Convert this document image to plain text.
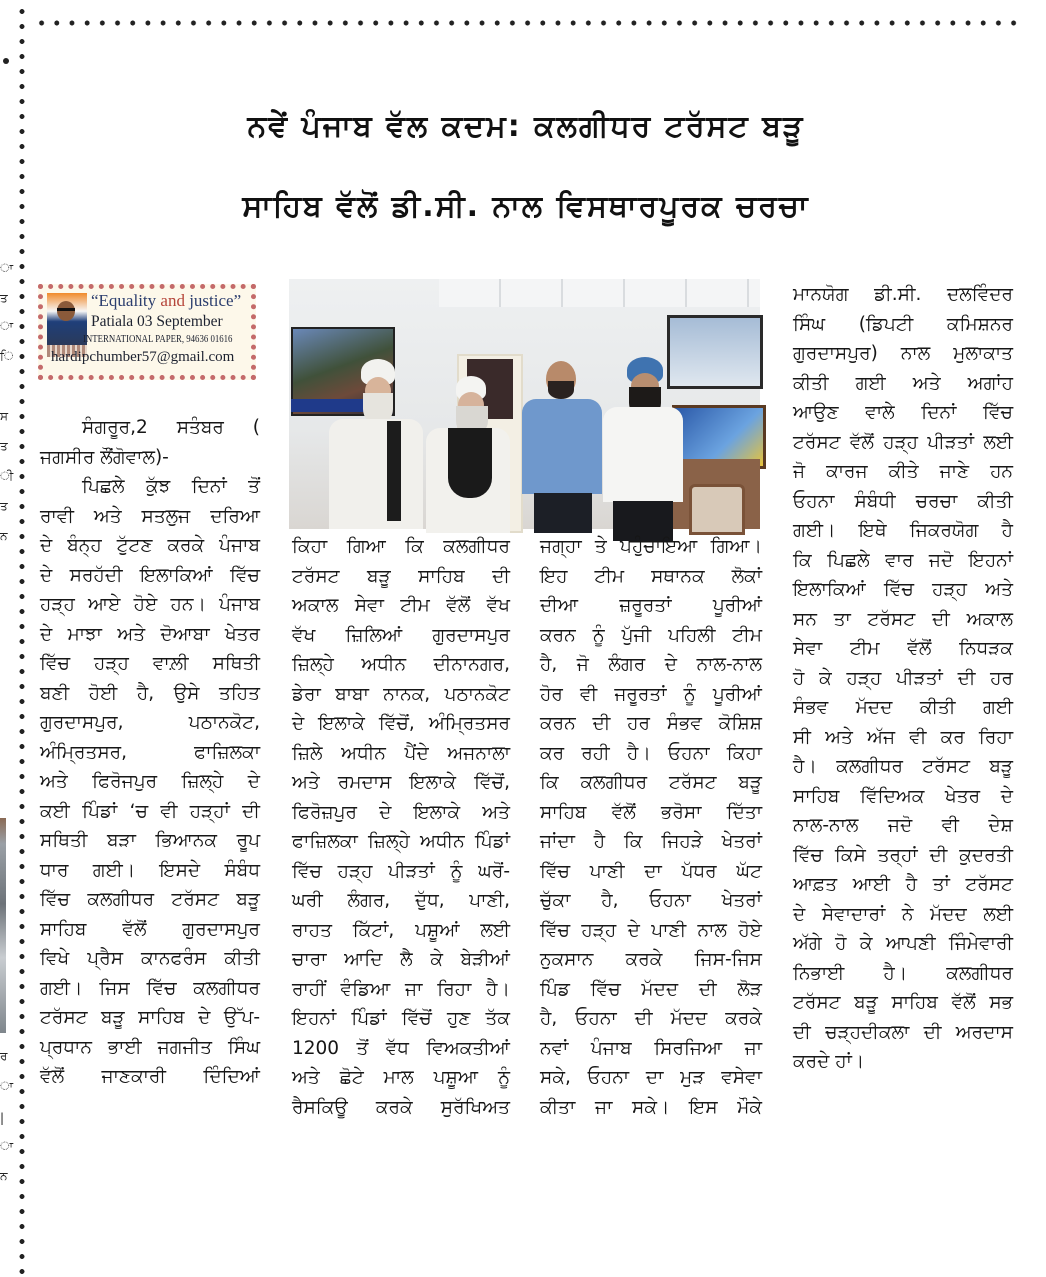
ਾ
ਤ
ਾ
ਿ
ਸ
ਤ
ੀ
ਤ
ਨ
ਰ
ਾ
|
ਾ
ਨ
ਨਵੇਂ ਪੰਜਾਬ ਵੱਲ ਕਦਮ: ਕਲਗੀਧਰ ਟਰੱਸਟ ਬੜੂ
ਸਾਹਿਬ ਵੱਲੋਂ ਡੀ.ਸੀ. ਨਾਲ ਵਿਸਥਾਰਪੂਰਕ ਚਰਚਾ
“Equality and justice”
Patiala 03 September
INTERNATIONAL PAPER, 94636 01616
hardipchumber57@gmail.com
ਸੰਗਰੂਰ,2 ਸਤੰਬਰ (
ਜਗਸੀਰ ਲੌਂਗੋਵਾਲ)-
ਪਿਛਲੇ ਕੁੱਝ ਦਿਨਾਂ ਤੋਂ
ਰਾਵੀ ਅਤੇ ਸਤਲੁਜ ਦਰਿਆ
ਦੇ ਬੰਨ੍ਹ ਟੁੱਟਣ ਕਰਕੇ ਪੰਜਾਬ
ਦੇ ਸਰਹੱਦੀ ਇਲਾਕਿਆਂ ਵਿੱਚ
ਹੜ੍ਹ ਆਏ ਹੋਏ ਹਨ। ਪੰਜਾਬ
ਦੇ ਮਾਝਾ ਅਤੇ ਦੋਆਬਾ ਖੇਤਰ
ਵਿੱਚ ਹੜ੍ਹ ਵਾਲ਼ੀ ਸਥਿਤੀ
ਬਣੀ ਹੋਈ ਹੈ, ਉਸੇ ਤਹਿਤ
ਗੁਰਦਾਸਪੁਰ, ਪਠਾਨਕੋਟ,
ਅੰਮ੍ਰਿਤਸਰ, ਫਾਜ਼ਿਲਕਾ
ਅਤੇ ਫਿਰੋਜਪੁਰ ਜ਼ਿਲ੍ਹੇ ਦੇ
ਕਈ ਪਿੰਡਾਂ ‘ਚ ਵੀ ਹੜ੍ਹਾਂ ਦੀ
ਸਥਿਤੀ ਬੜਾ ਭਿਆਨਕ ਰੂਪ
ਧਾਰ ਗਈ। ਇਸਦੇ ਸੰਬੰਧ
ਵਿੱਚ ਕਲਗੀਧਰ ਟਰੱਸਟ ਬੜੂ
ਸਾਹਿਬ ਵੱਲੋਂ ਗੁਰਦਾਸਪੁਰ
ਵਿਖੇ ਪ੍ਰੈਸ ਕਾਨਫਰੰਸ ਕੀਤੀ
ਗਈ। ਜਿਸ ਵਿੱਚ ਕਲਗੀਧਰ
ਟਰੱਸਟ ਬੜੂ ਸਾਹਿਬ ਦੇ ਉੱਪ-
ਪ੍ਰਧਾਨ ਭਾਈ ਜਗਜੀਤ ਸਿੰਘ
ਵੱਲੋਂ ਜਾਣਕਾਰੀ ਦਿੰਦਿਆਂ
ਕਿਹਾ ਗਿਆ ਕਿ ਕਲਗੀਧਰ
ਟਰੱਸਟ ਬੜੂ ਸਾਹਿਬ ਦੀ
ਅਕਾਲ ਸੇਵਾ ਟੀਮ ਵੱਲੋਂ ਵੱਖ
ਵੱਖ ਜ਼ਿਲਿਆਂ ਗੁਰਦਾਸਪੁਰ
ਜ਼ਿਲ੍ਹੇ ਅਧੀਨ ਦੀਨਾਨਗਰ,
ਡੇਰਾ ਬਾਬਾ ਨਾਨਕ, ਪਠਾਨਕੋਟ
ਦੇ ਇਲਾਕੇ ਵਿੱਚੋਂ, ਅੰਮ੍ਰਿਤਸਰ
ਜ਼ਿਲੇ ਅਧੀਨ ਪੈਂਦੇ ਅਜਨਾਲਾ
ਅਤੇ ਰਮਦਾਸ ਇਲਾਕੇ ਵਿੱਚੋਂ,
ਫਿਰੋਜ਼ਪੁਰ ਦੇ ਇਲਾਕੇ ਅਤੇ
ਫਾਜ਼ਿਲਕਾ ਜ਼ਿਲ੍ਹੇ ਅਧੀਨ ਪਿੰਡਾਂ
ਵਿੱਚ ਹੜ੍ਹ ਪੀੜਤਾਂ ਨੂੰ ਘਰੋਂ-
ਘਰੀ ਲੰਗਰ, ਦੁੱਧ, ਪਾਣੀ,
ਰਾਹਤ ਕਿੱਟਾਂ, ਪਸ਼ੂਆਂ ਲਈ
ਚਾਰਾ ਆਦਿ ਲੈ ਕੇ ਬੇੜੀਆਂ
ਰਾਹੀਂ ਵੰਡਿਆ ਜਾ ਰਿਹਾ ਹੈ।
ਇਹਨਾਂ ਪਿੰਡਾਂ ਵਿੱਚੋਂ ਹੁਣ ਤੱਕ
1200 ਤੋਂ ਵੱਧ ਵਿਅਕਤੀਆਂ
ਅਤੇ ਛੋਟੇ ਮਾਲ ਪਸ਼ੂਆ ਨੂੰ
ਰੈਸਕਿਊ ਕਰਕੇ ਸੁਰੱਖਿਅਤ
ਜਗ੍ਹਾ ਤੇ ਪਹੁੰਚਾਇਆ ਗਿਆ।
ਇਹ ਟੀਮ ਸਥਾਨਕ ਲੋਕਾਂ
ਦੀਆ ਜ਼ਰੂਰਤਾਂ ਪੂਰੀਆਂ
ਕਰਨ ਨੂੰ ਪੁੱਜੀ ਪਹਿਲੀ ਟੀਮ
ਹੈ, ਜੋ ਲੰਗਰ ਦੇ ਨਾਲ-ਨਾਲ
ਹੋਰ ਵੀ ਜਰੂਰਤਾਂ ਨੂੰ ਪੂਰੀਆਂ
ਕਰਨ ਦੀ ਹਰ ਸੰਭਵ ਕੋਸ਼ਿਸ਼
ਕਰ ਰਹੀ ਹੈ। ਓਹਨਾ ਕਿਹਾ
ਕਿ ਕਲਗੀਧਰ ਟਰੱਸਟ ਬੜੂ
ਸਾਹਿਬ ਵੱਲੋਂ ਭਰੋਸਾ ਦਿੱਤਾ
ਜਾਂਦਾ ਹੈ ਕਿ ਜਿਹੜੇ ਖੇਤਰਾਂ
ਵਿੱਚ ਪਾਣੀ ਦਾ ਪੱਧਰ ਘੱਟ
ਚੁੱਕਾ ਹੈ, ਓਹਨਾ ਖੇਤਰਾਂ
ਵਿੱਚ ਹੜ੍ਹ ਦੇ ਪਾਣੀ ਨਾਲ ਹੋਏ
ਨੁਕਸਾਨ ਕਰਕੇ ਜਿਸ-ਜਿਸ
ਪਿੰਡ ਵਿੱਚ ਮੱਦਦ ਦੀ ਲੋੜ
ਹੈ, ਓਹਨਾ ਦੀ ਮੱਦਦ ਕਰਕੇ
ਨਵਾਂ ਪੰਜਾਬ ਸਿਰਜਿਆ ਜਾ
ਸਕੇ, ਓਹਨਾ ਦਾ ਮੁੜ ਵਸੇਵਾ
ਕੀਤਾ ਜਾ ਸਕੇ। ਇਸ ਮੌਕੇ
ਮਾਨਯੋਗ ਡੀ.ਸੀ. ਦਲਵਿੰਦਰ
ਸਿੰਘ (ਡਿਪਟੀ ਕਮਿਸ਼ਨਰ
ਗੁਰਦਾਸਪੁਰ) ਨਾਲ ਮੁਲਾਕਾਤ
ਕੀਤੀ ਗਈ ਅਤੇ ਅਗਾਂਹ
ਆਉਣ ਵਾਲੇ ਦਿਨਾਂ ਵਿੱਚ
ਟਰੱਸਟ ਵੱਲੋਂ ਹੜ੍ਹ ਪੀੜਤਾਂ ਲਈ
ਜੋ ਕਾਰਜ ਕੀਤੇ ਜਾਣੇ ਹਨ
ਓਹਨਾ ਸੰਬੰਧੀ ਚਰਚਾ ਕੀਤੀ
ਗਈ। ਇਥੇ ਜਿਕਰਯੋਗ ਹੈ
ਕਿ ਪਿਛਲੇ ਵਾਰ ਜਦੋ ਇਹਨਾਂ
ਇਲਾਕਿਆਂ ਵਿੱਚ ਹੜ੍ਹ ਅਤੇ
ਸਨ ਤਾ ਟਰੱਸਟ ਦੀ ਅਕਾਲ
ਸੇਵਾ ਟੀਮ ਵੱਲੋਂ ਨਿਧੜਕ
ਹੋ ਕੇ ਹੜ੍ਹ ਪੀੜਤਾਂ ਦੀ ਹਰ
ਸੰਭਵ ਮੱਦਦ ਕੀਤੀ ਗਈ
ਸੀ ਅਤੇ ਅੱਜ ਵੀ ਕਰ ਰਿਹਾ
ਹੈ। ਕਲਗੀਧਰ ਟਰੱਸਟ ਬੜੂ
ਸਾਹਿਬ ਵਿੱਦਿਅਕ ਖੇਤਰ ਦੇ
ਨਾਲ-ਨਾਲ ਜਦੋ ਵੀ ਦੇਸ਼
ਵਿੱਚ ਕਿਸੇ ਤਰ੍ਹਾਂ ਦੀ ਕੁਦਰਤੀ
ਆਫ਼ਤ ਆਈ ਹੈ ਤਾਂ ਟਰੱਸਟ
ਦੇ ਸੇਵਾਦਾਰਾਂ ਨੇ ਮੱਦਦ ਲਈ
ਅੱਗੇ ਹੋ ਕੇ ਆਪਣੀ ਜਿੰਮੇਵਾਰੀ
ਨਿਭਾਈ ਹੈ। ਕਲਗੀਧਰ
ਟਰੱਸਟ ਬੜੂ ਸਾਹਿਬ ਵੱਲੋਂ ਸਭ
ਦੀ ਚੜ੍ਹਦੀਕਲਾ ਦੀ ਅਰਦਾਸ
ਕਰਦੇ ਹਾਂ।
